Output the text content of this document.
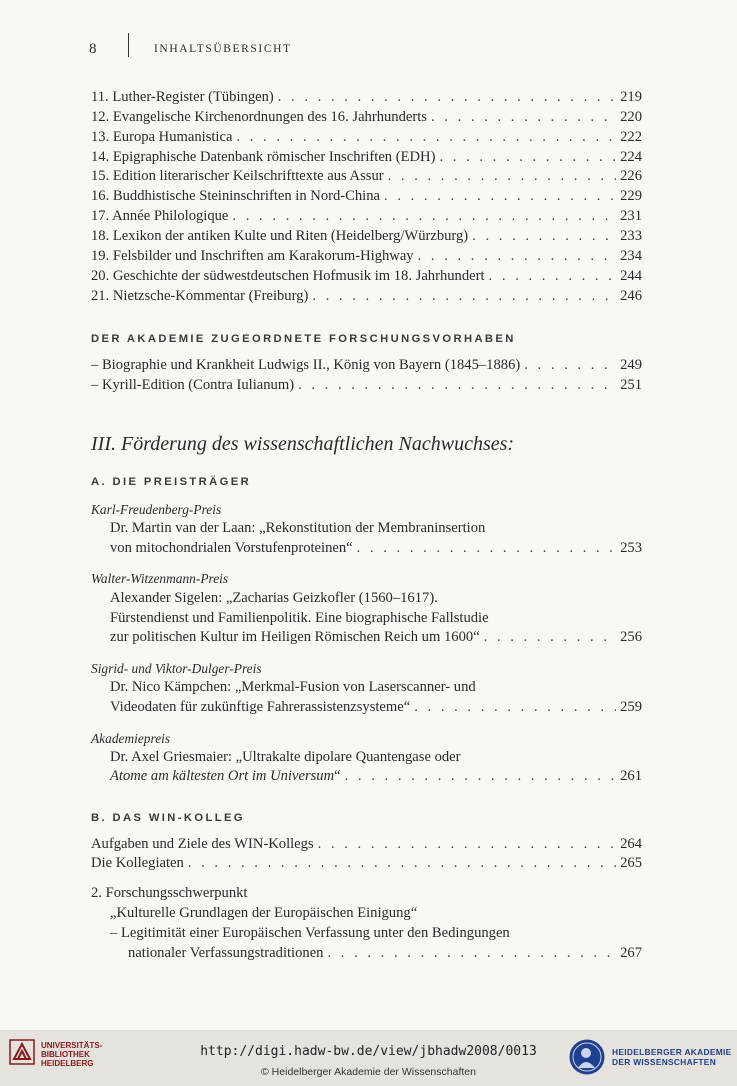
8	INHALTSÜBERSICHT
11. Luther-Register (Tübingen) . . .	219
12. Evangelische Kirchenordnungen des 16. Jahrhunderts . . .	220
13. Europa Humanistica . . .	222
14. Epigraphische Datenbank römischer Inschriften (EDH) . . .	224
15. Edition literarischer Keilschrifttexte aus Assur . . .	226
16. Buddhistische Steininschriften in Nord-China . . .	229
17. Année Philologique . . .	231
18. Lexikon der antiken Kulte und Riten (Heidelberg/Würzburg) . . .	233
19. Felsbilder und Inschriften am Karakorum-Highway . . .	234
20. Geschichte der südwestdeutschen Hofmusik im 18. Jahrhundert . . .	244
21. Nietzsche-Kommentar (Freiburg) . . .	246
DER AKADEMIE ZUGEORDNETE FORSCHUNGSVORHABEN
– Biographie und Krankheit Ludwigs II., König von Bayern (1845–1886) . . .	249
– Kyrill-Edition (Contra Iulianum) . . .	251
III. Förderung des wissenschaftlichen Nachwuchses:
A. DIE PREISTRÄGER
Karl-Freudenberg-Preis
Dr. Martin van der Laan: „Rekonstitution der Membraninsertion
von mitochondrialen Vorstufenproteinen“ . . .	253
Walter-Witzenmann-Preis
Alexander Sigelen: „Zacharias Geizkofler (1560–1617).
Fürstendienst und Familienpolitik. Eine biographische Fallstudie
zur politischen Kultur im Heiligen Römischen Reich um 1600“ . . .	256
Sigrid- und Viktor-Dulger-Preis
Dr. Nico Kämpchen: „Merkmal-Fusion von Laserscanner- und
Videodaten für zukünftige Fahrerassistenzsysteme“ . . .	259
Akademiepreis
Dr. Axel Griesmaier: „Ultrakalte dipolare Quantengase oder
Atome am kältesten Ort im Universum“ . . .	261
B. DAS WIN-KOLLEG
Aufgaben und Ziele des WIN-Kollegs . . .	264
Die Kollegiaten . . .	265
2. Forschungsschwerpunkt
„Kulturelle Grundlagen der Europäischen Einigung“
– Legitimität einer Europäischen Verfassung unter den Bedingungen
nationaler Verfassungstraditionen . . .	267
UNIVERSITÄTS-
BIBLIOTHEK
HEIDELBERG
http://digi.hadw-bw.de/view/jbhadw2008/0013
© Heidelberger Akademie der Wissenschaften
HEIDELBERGER AKADEMIE
DER WISSENSCHAFTEN
